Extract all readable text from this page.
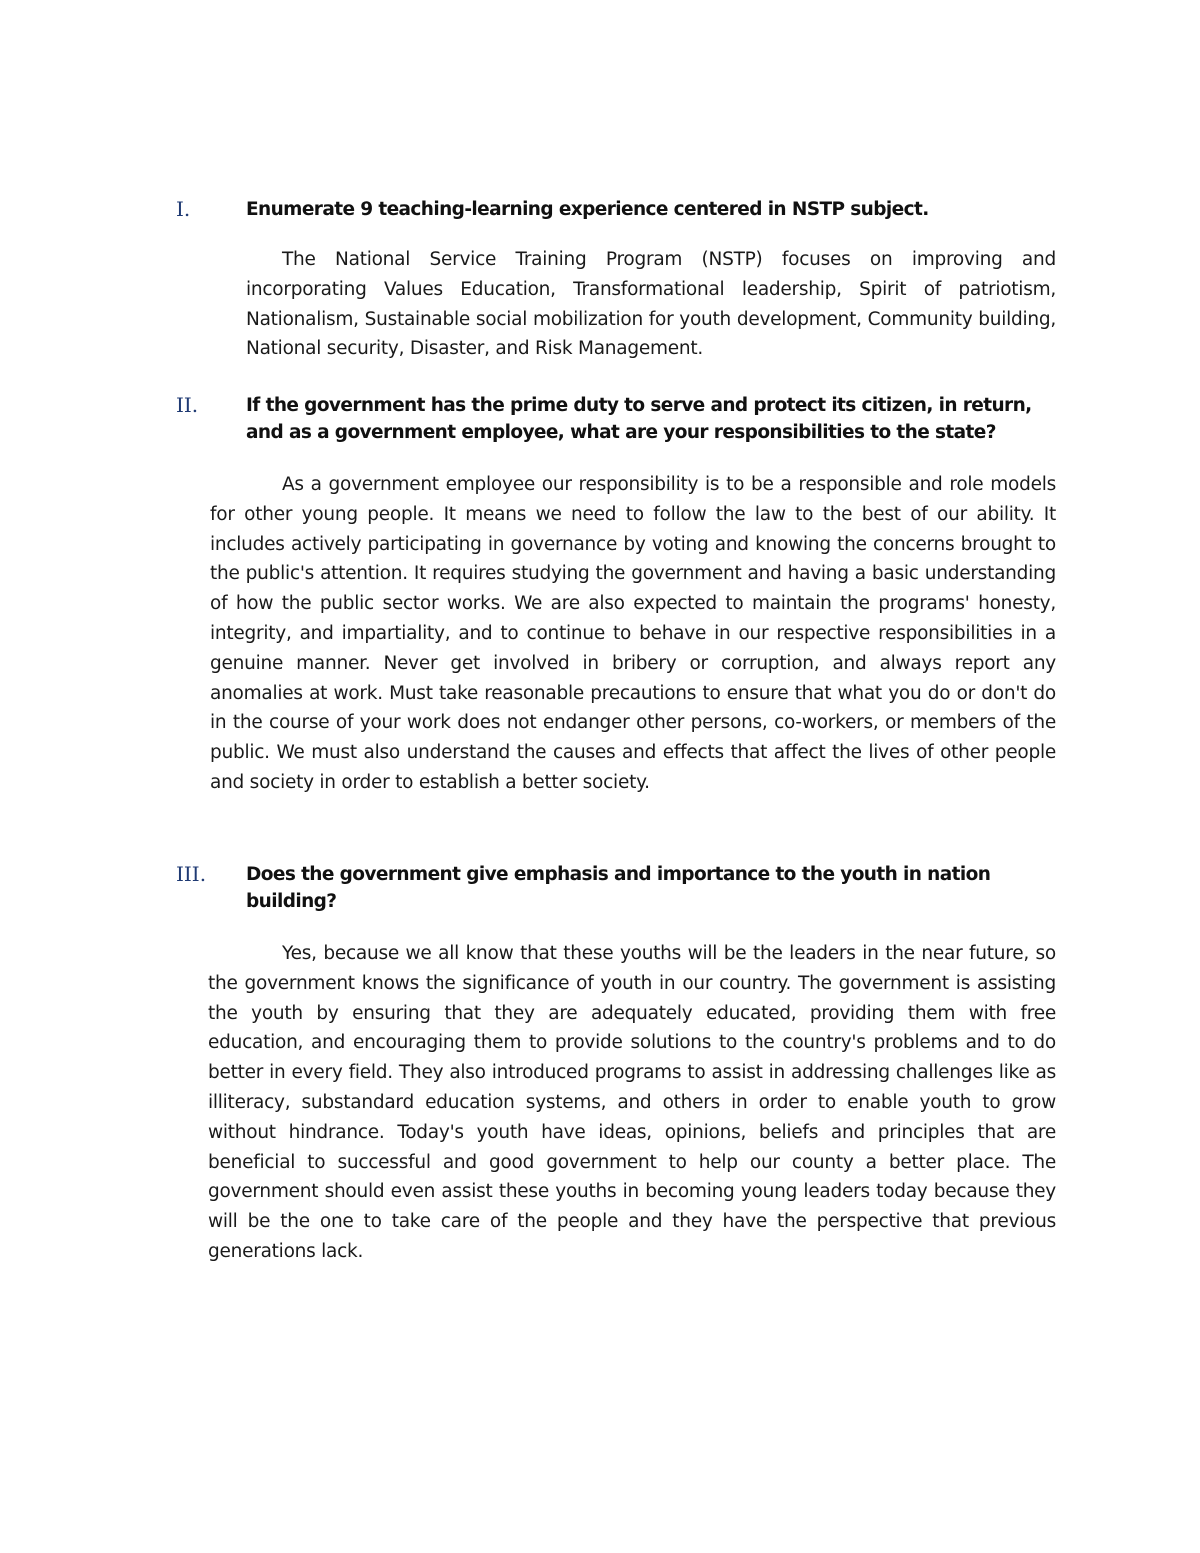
I.	Enumerate 9 teaching-learning experience centered in NSTP subject.

The National Service Training Program (NSTP) focuses on improving and incorporating Values Education, Transformational leadership, Spirit of patriotism, Nationalism, Sustainable social mobilization for youth development, Community building, National security, Disaster, and Risk Management.

II.	If the government has the prime duty to serve and protect its citizen, in return, and as a government employee, what are your responsibilities to the state?

As a government employee our responsibility is to be a responsible and role models for other young people. It means we need to follow the law to the best of our ability. It includes actively participating in governance by voting and knowing the concerns brought to the public's attention. It requires studying the government and having a basic understanding of how the public sector works. We are also expected to maintain the programs' honesty, integrity, and impartiality, and to continue to behave in our respective responsibilities in a genuine manner. Never get involved in bribery or corruption, and always report any anomalies at work. Must take reasonable precautions to ensure that what you do or don't do in the course of your work does not endanger other persons, co-workers, or members of the public. We must also understand the causes and effects that affect the lives of other people and society in order to establish a better society.

III. Does the government give emphasis and importance to the youth in nation building?

Yes, because we all know that these youths will be the leaders in the near future, so the government knows the significance of youth in our country. The government is assisting the youth by ensuring that they are adequately educated, providing them with free education, and encouraging them to provide solutions to the country's problems and to do better in every field. They also introduced programs to assist in addressing challenges like as illiteracy, substandard education systems, and others in order to enable youth to grow without hindrance. Today's youth have ideas, opinions, beliefs and principles that are beneficial to successful and good government to help our county a better place. The government should even assist these youths in becoming young leaders today because they will be the one to take care of the people and they have the perspective that previous generations lack.
